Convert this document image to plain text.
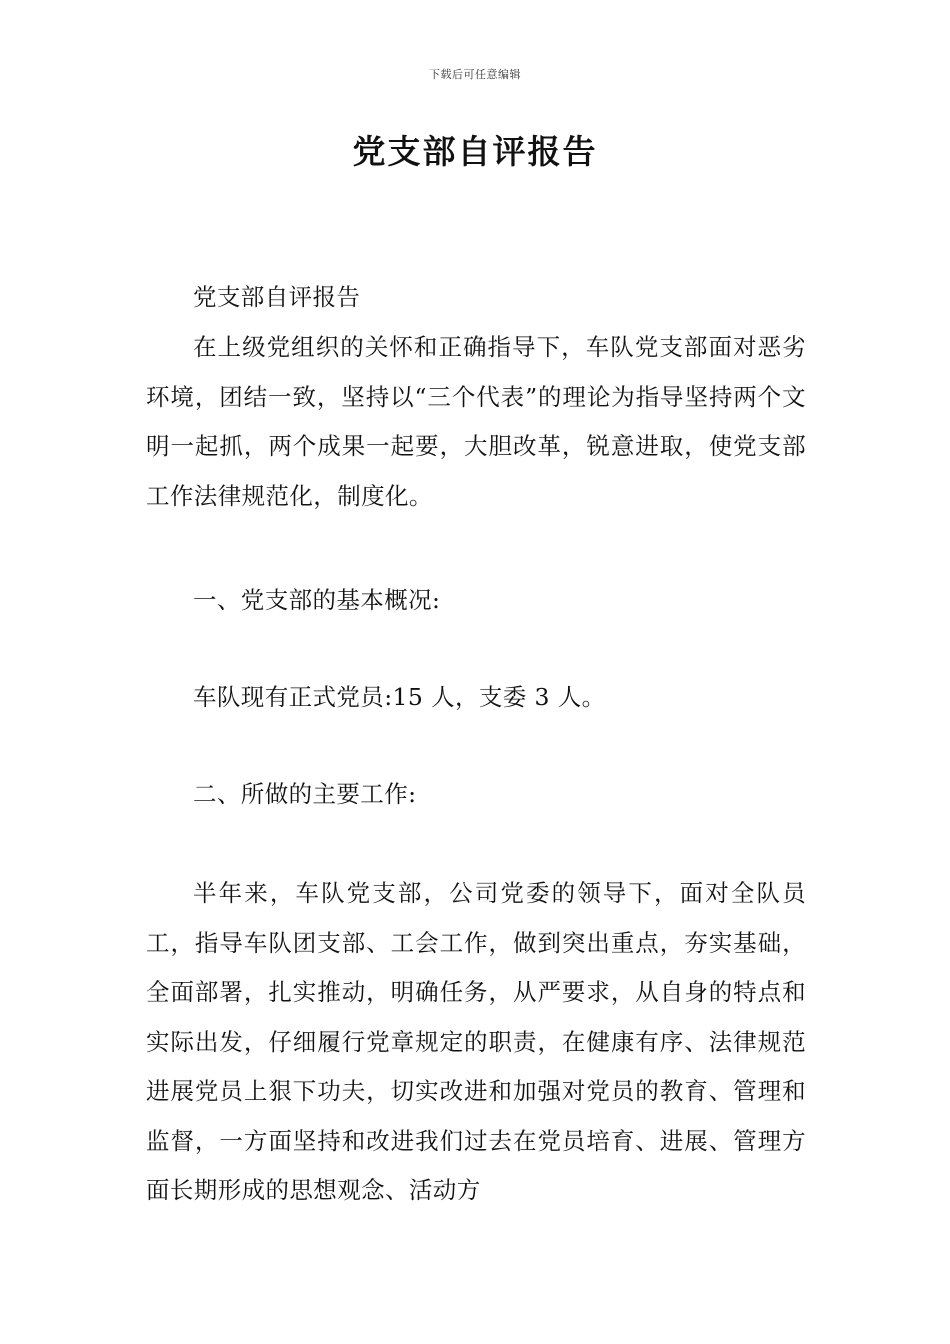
下载后可任意编辑
党支部自评报告

党支部自评报告

在上级党组织的关怀和正确指导下，车队党支部面对恶劣环境，团结一致，坚持以“三个代表”的理论为指导坚持两个文明一起抓，两个成果一起要，大胆改革，锐意进取，使党支部工作法律规范化，制度化。

一、党支部的基本概况:

车队现有正式党员:15 人，支委 3 人。

二、所做的主要工作:

半年来，车队党支部，公司党委的领导下，面对全队员工，指导车队团支部、工会工作，做到突出重点，夯实基础，全面部署，扎实推动，明确任务，从严要求，从自身的特点和实际出发，仔细履行党章规定的职责，在健康有序、法律规范进展党员上狠下功夫，切实改进和加强对党员的教育、管理和监督，一方面坚持和改进我们过去在党员培育、进展、管理方面长期形成的思想观念、活动方
